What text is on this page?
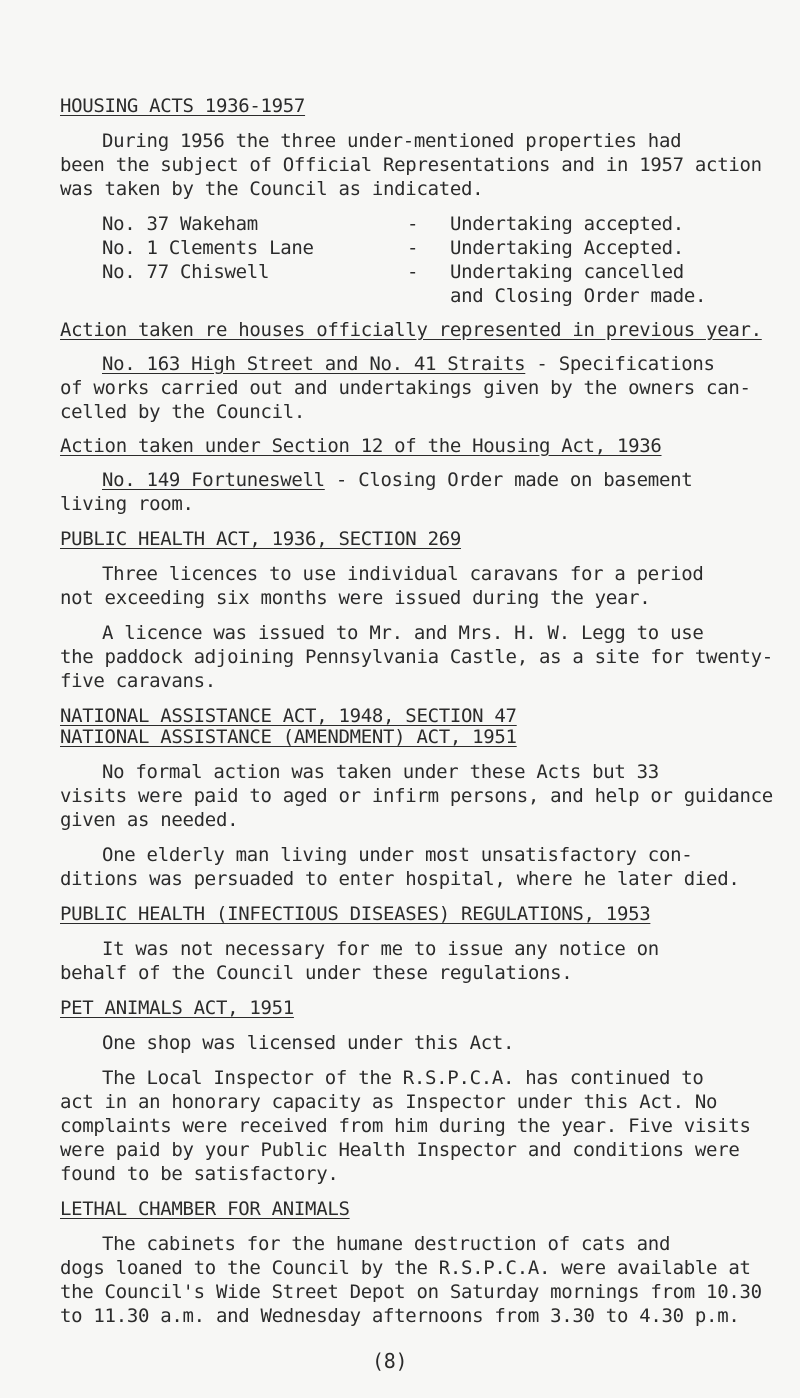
HOUSING ACTS 1936-1957
During 1956 the three under-mentioned properties had
been the subject of Official Representations and in 1957 action
was taken by the Council as indicated.
No. 37 Wakeham	- Undertaking accepted.
No. 1 Clements Lane	- Undertaking Accepted.
No. 77 Chiswell	- Undertaking cancelled
and Closing Order made.
Action taken re houses officially represented in previous year.
No. 163 High Street and No. 41 Straits - Specifications
of works carried out and undertakings given by the owners can-
celled by the Council.
Action taken under Section 12 of the Housing Act, 1936
No. 149 Fortuneswell - Closing Order made on basement
living room.
PUBLIC HEALTH ACT, 1936, SECTION 269
Three licences to use individual caravans for a period
not exceeding six months were issued during the year.
A licence was issued to Mr. and Mrs. H. W. Legg to use
the paddock adjoining Pennsylvania Castle, as a site for twenty-
five caravans.
NATIONAL ASSISTANCE ACT, 1948, SECTION 47
NATIONAL ASSISTANCE (AMENDMENT) ACT, 1951
No formal action was taken under these Acts but 33
visits were paid to aged or infirm persons, and help or guidance
given as needed.
One elderly man living under most unsatisfactory con-
ditions was persuaded to enter hospital, where he later died.
PUBLIC HEALTH (INFECTIOUS DISEASES) REGULATIONS, 1953
It was not necessary for me to issue any notice on
behalf of the Council under these regulations.
PET ANIMALS ACT, 1951
One shop was licensed under this Act.
The Local Inspector of the R.S.P.C.A. has continued to
act in an honorary capacity as Inspector under this Act. No
complaints were received from him during the year. Five visits
were paid by your Public Health Inspector and conditions were
found to be satisfactory.
LETHAL CHAMBER FOR ANIMALS
The cabinets for the humane destruction of cats and
dogs loaned to the Council by the R.S.P.C.A. were available at
the Council's Wide Street Depot on Saturday mornings from 10.30
to 11.30 a.m. and Wednesday afternoons from 3.30 to 4.30 p.m.
(8)
